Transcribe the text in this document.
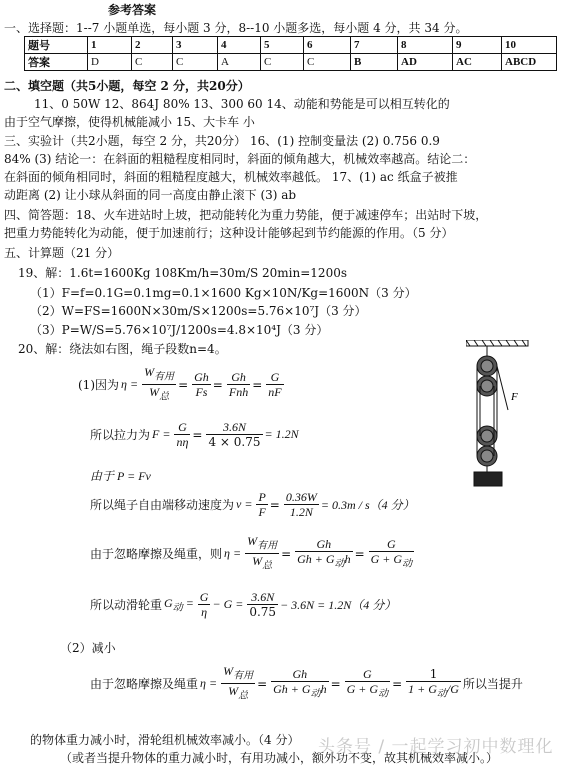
参考答案
一、选择题：1--7 小题单选，每小题 3 分，8--10 小题多选，每小题 4 分，共 34 分。
题号	1	2	3	4	5	6	7	8	9	10
答案	D	C	C	A	C	C	B	AD	AC	ABCD
二、填空题（共5小题，每空 2 分，共20分）
11、0 50W 12、864J 80% 13、300 60 14、动能和势能是可以相互转化的
由于空气摩擦，使得机械能减小 15、大卡车 小
三、实验计（共2小题，每空 2 分，共20分） 16、(1) 控制变量法 (2) 0.756 0.9
84% (3) 结论一：在斜面的粗糙程度相同时，斜面的倾角越大，机械效率越高。结论二：
在斜面的倾角相同时，斜面的粗糙程度越大，机械效率越低。 17、(1) ac 纸盒子被推
动距离 (2) 让小球从斜面的同一高度由静止滚下 (3) ab
四、简答题：18、火车进站时上坡，把动能转化为重力势能，便于减速停车；出站时下坡，
把重力势能转化为动能，便于加速前行；这种设计能够起到节约能源的作用。（5 分）
五、计算题（21 分）
19、解：1.6t=1600Kg 108Km/h=30m/S 20min=1200s
（1）F=f=0.1G=0.1mg=0.1×1600 Kg×10N/Kg=1600N（3 分）
（2）W=FS=1600N×30m/S×1200s=5.76×10⁷J（3 分）
（3）P=W/S=5.76×10⁷J/1200s=4.8×10⁴J（3 分）
20、解：绕法如右图，绳子段数n=4。
F
(1)因为 $\eta = \frac{W_{有用}}{W_总} = \frac{Gh}{Fs} = \frac{Gh}{\text{Fnh}} = \frac{G}{nF}$
所以拉力为 $F = \frac{G}{n\eta} = \frac{3.6N}{4 \times 0.75} = 1.2N$
由于 P = Fv
所以绳子自由端移动速度为 $v = \frac{P}{F} = \frac{0.36W}{1.2N} = 0.3m / s(4$ 分）
由于忽略摩擦及绳重，则 $\eta = \frac{W_{有用}}{W_总} = \frac{Gh}{Gh + G_动h} = \frac{G}{G + G_动}$
所以动滑轮重 $G_动 = \frac{G}{\eta} - G = \frac{3.6N}{0.75} - 3.6N = 1.2N(4$ 分）
（2）减小
由于忽略摩擦及绳重 $\eta = \frac{W_{有用}}{W_总} = \frac{Gh}{Gh + G_动h} = \frac{G}{G + G_动} = \frac{1}{1 + G_动/G}$ 所以当提升
的物体重力减小时，滑轮组机械效率减小。（4 分）
（或者当提升物体的重力减小时，有用功减小，额外功不变，故其机械效率减小。）
头条号 / 一起学习初中数理化
